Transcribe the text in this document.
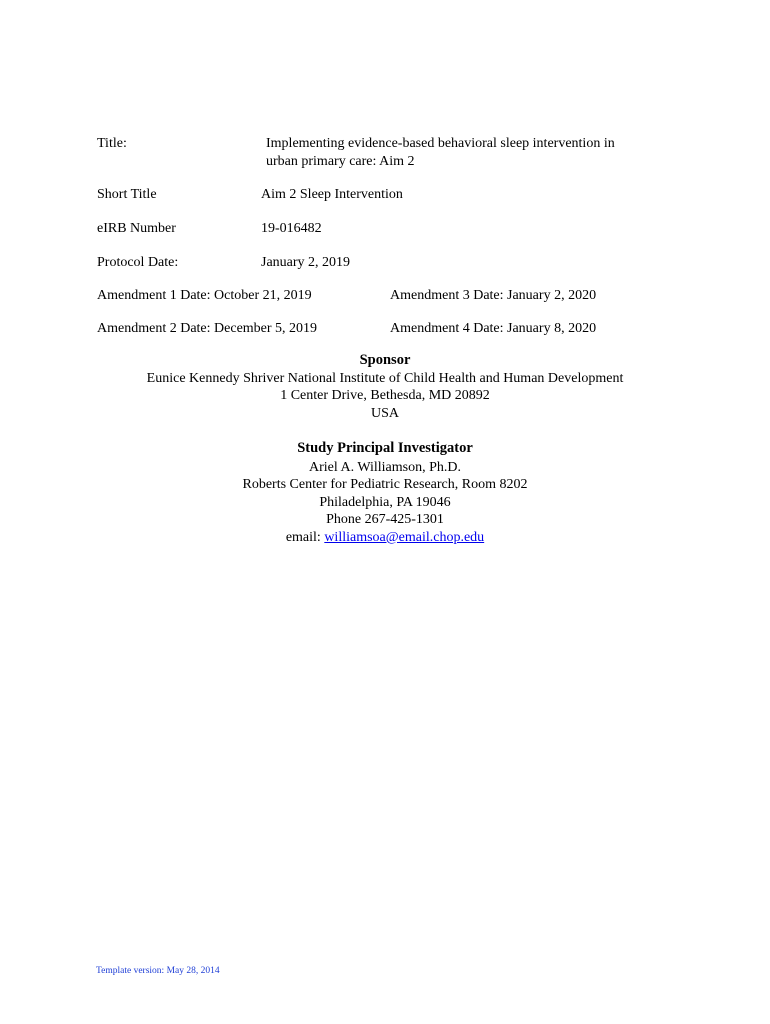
Title:	Implementing evidence-based behavioral sleep intervention in
urban primary care: Aim 2
Short Title	Aim 2 Sleep Intervention
eIRB Number	19-016482
Protocol Date:	January 2, 2019
Amendment 1 Date: October 21, 2019	Amendment 3 Date: January 2, 2020
Amendment 2 Date: December 5, 2019	Amendment 4 Date: January 8, 2020
Sponsor
Eunice Kennedy Shriver National Institute of Child Health and Human Development
1 Center Drive, Bethesda, MD 20892
USA
Study Principal Investigator
Ariel A. Williamson, Ph.D.
Roberts Center for Pediatric Research, Room 8202
Philadelphia, PA 19046
Phone 267-425-1301
email: williamsoa@email.chop.edu
Template version: May 28, 2014
